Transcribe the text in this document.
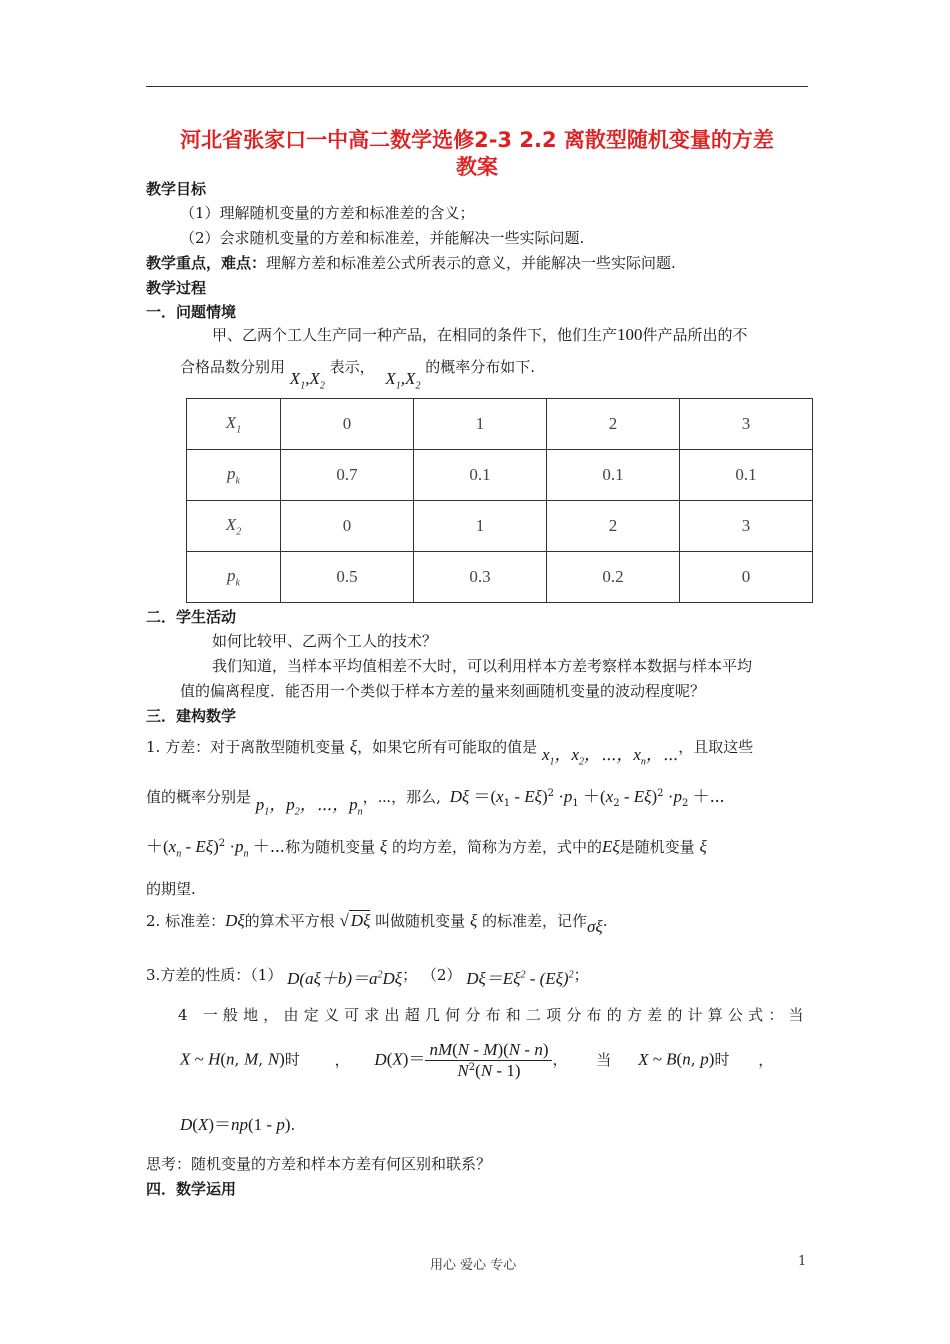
河北省张家口一中高二数学选修2-3 2.2 离散型随机变量的方差
教案
教学目标
（1）理解随机变量的方差和标准差的含义；
（2）会求随机变量的方差和标准差，并能解决一些实际问题.
教学重点，难点：理解方差和标准差公式所表示的意义，并能解决一些实际问题.
教学过程
一．问题情境
甲、乙两个工人生产同一种产品，在相同的条件下，他们生产100件产品所出的不
合格品数分别用 $X_1,X_2$ 表示， $X_1,X_2$ 的概率分布如下.
$X_1$	0	1	2	3
$p_k$	0.7	0.1	0.1	0.1
$X_2$	0	1	2	3
$p_k$	0.5	0.3	0.2	0
二．学生活动
如何比较甲、乙两个工人的技术？
我们知道，当样本平均值相差不大时，可以利用样本方差考察样本数据与样本平均
值的偏离程度．能否用一个类似于样本方差的量来刻画随机变量的波动程度呢？
三．建构数学
1. 方差：对于离散型随机变量 ξ，如果它所有可能取的值是 $x_1$，$x_2$，⋯，$x_n$，⋯，且取这些
值的概率分别是 $p_1$，$p_2$，⋯，$p_n$，⋯，那么, $D\xi =(x_1 - E\xi)^2 \cdot p_1 +(x_2 - E\xi)^2 \cdot p_2$ ＋⋯
$+(x_n - E\xi)^2 \cdot p_n$ ＋⋯称为随机变量 ξ 的均方差，简称为方差，式中的Eξ是随机变量 ξ
的期望.
2. 标准差：Dξ的算术平方根 √ Dξ 叫做随机变量 ξ 的标准差，记作σξ.
3.方差的性质：（1） $D(a\xi+b)=a^2D\xi$； （2） $D\xi=E\xi^2 - (E\xi)^2$；
4 一般地，由定义可求出超几何分布和二项分布的方差的计算公式：当
X ~ H(n, M, N)时 ， $D(X)= \frac{nM(N - M)(N - n)}{N^2(N - 1)}$ ， 当 X ~ B(n, p)时 ，
D(X)＝np(1 - p).
思考：随机变量的方差和样本方差有何区别和联系？
四．数学运用
用心 爱心 专心	1
